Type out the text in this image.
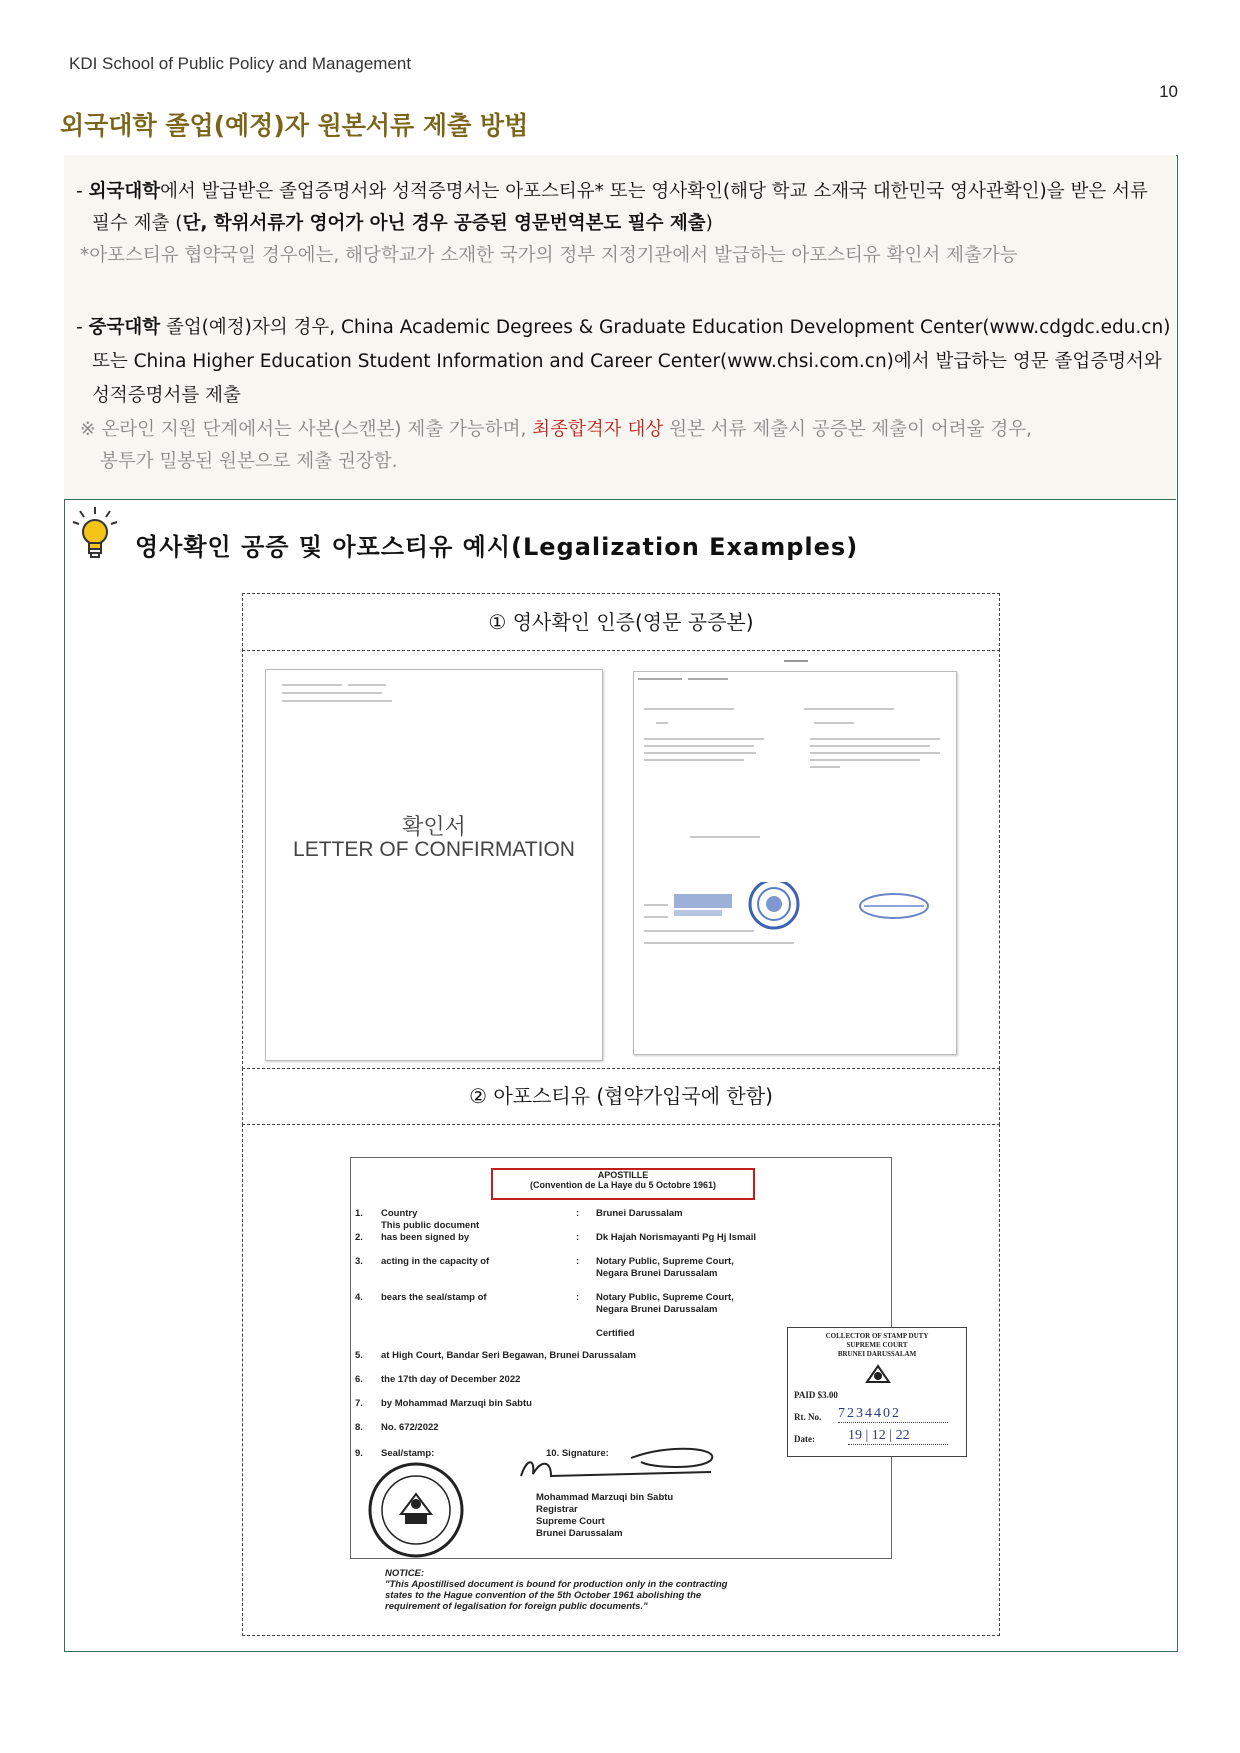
KDI School of Public Policy and Management
10
외국대학 졸업(예정)자 원본서류 제출 방법
- 외국대학에서 발급받은 졸업증명서와 성적증명서는 아포스티유* 또는 영사확인(해당 학교 소재국 대한민국 영사관확인)을 받은 서류
필수 제출 (단, 학위서류가 영어가 아닌 경우 공증된 영문번역본도 필수 제출)
*아포스티유 협약국일 경우에는, 해당학교가 소재한 국가의 정부 지정기관에서 발급하는 아포스티유 확인서 제출가능
- 중국대학 졸업(예정)자의 경우, China Academic Degrees & Graduate Education Development Center(www.cdgdc.edu.cn)
또는 China Higher Education Student Information and Career Center(www.chsi.com.cn)에서 발급하는 영문 졸업증명서와
성적증명서를 제출
※ 온라인 지원 단계에서는 사본(스캔본) 제출 가능하며, 최종합격자 대상 원본 서류 제출시 공증본 제출이 어려울 경우,
봉투가 밀봉된 원본으로 제출 권장함.
영사확인 공증 및 아포스티유 예시(Legalization Examples)
① 영사확인 인증(영문 공증본)
확인서
LETTER OF CONFIRMATION
② 아포스티유 (협약가입국에 한함)
APOSTILLE
(Convention de La Haye du 5 Octobre 1961)
1. Country	: Brunei Darussalam
This public document
2. has been signed by	: Dk Hajah Norismayanti Pg Hj Ismail
3. acting in the capacity of	: Notary Public, Supreme Court,
Negara Brunei Darussalam
4. bears the seal/stamp of	: Notary Public, Supreme Court,
Negara Brunei Darussalam
Certified
5. at High Court, Bandar Seri Begawan, Brunei Darussalam
6. the 17th day of December 2022
7. by Mohammad Marzuqi bin Sabtu
8. No. 672/2022
9. Seal/stamp:	10. Signature:
Mohammad Marzuqi bin Sabtu
Registrar
Supreme Court
Brunei Darussalam
NOTICE:
"This Apostillised document is bound for production only in the contracting
states to the Hague convention of the 5th October 1961 abolishing the
requirement of legalisation for foreign public documents."
COLLECTOR OF STAMP DUTY
SUPREME COURT
BRUNEI DARUSSALAM
PAID $3.00
Rt. No. 7234402
Date: 19 | 12 | 22
